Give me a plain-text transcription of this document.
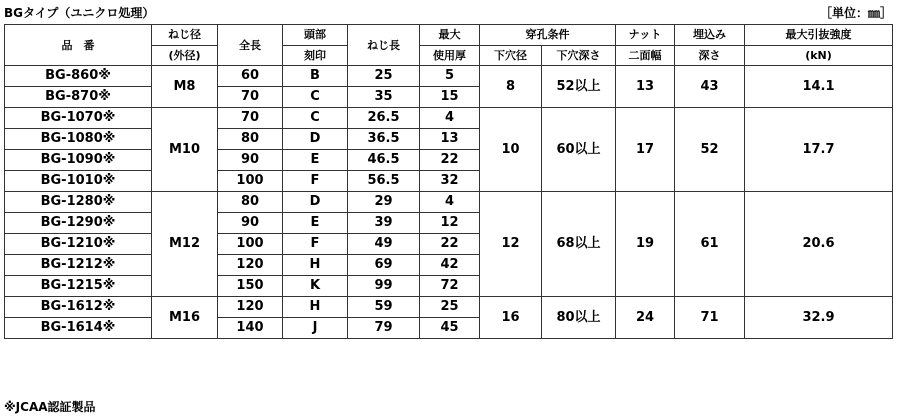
BGタイプ（ユニクロ処理）	［単位：㎜］
品　番	ねじ径	全長	頭部	ねじ長	最大	穿孔条件		ナット	埋込み	最大引抜強度
	(外径)		刻印		使用厚	下穴径	下穴深さ	二面幅	深さ	(kN)
BG-860※	M8	60	B	25	5	8	52以上	13	43	14.1
BG-870※		70	C	35	15					
BG-1070※	M10	70	C	26.5	4	10	60以上	17	52	17.7
BG-1080※		80	D	36.5	13					
BG-1090※		90	E	46.5	22					
BG-1010※		100	F	56.5	32					
BG-1280※	M12	80	D	29	4	12	68以上	19	61	20.6
BG-1290※		90	E	39	12					
BG-1210※		100	F	49	22					
BG-1212※		120	H	69	42					
BG-1215※		150	K	99	72					
BG-1612※	M16	120	H	59	25	16	80以上	24	71	32.9
BG-1614※		140	J	79	45					
※JCAA認証製品
